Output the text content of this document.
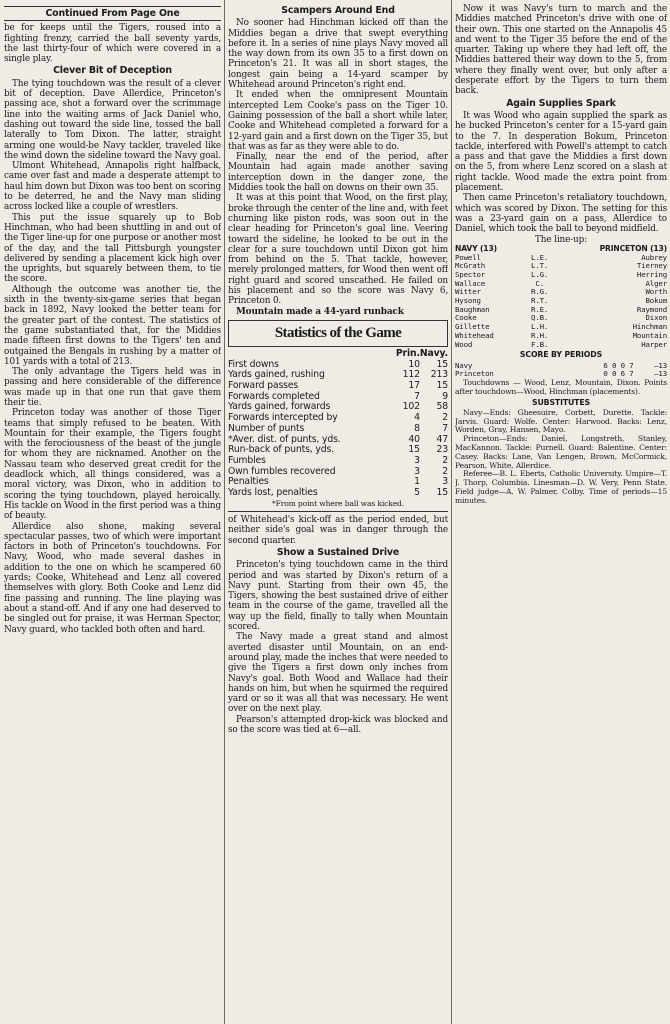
Continued From Page One

be for keeps until the Tigers, roused into a fighting frenzy, carried the ball seventy yards, the last thirty-four of which were covered in a single play.

Clever Bit of Deception

The tying touchdown was the result of a clever bit of deception. Dave Allerdice, Princeton's passing ace, shot a forward over the scrimmage line into the waiting arms of Jack Daniel who, dashing out toward the side line, tossed the ball laterally to Tom Dixon. The latter, straight arming one would-be Navy tackler, traveled like the wind down the sideline toward the Navy goal.

Ulmont Whitehead, Annapolis right halfback, came over fast and made a desperate attempt to haul him down but Dixon was too bent on scoring to be deterred, he and the Navy man sliding across locked like a couple of wrestlers.

This put the issue squarely up to Bob Hinchman, who had been shuttling in and out of the Tiger line-up for one purpose or another most of the day, and the tall Pittsburgh youngster delivered by sending a placement kick high over the uprights, but squarely between them, to tie the score.

Although the outcome was another tie, the sixth in the twenty-six-game series that began back in 1892, Navy looked the better team for the greater part of the contest. The statistics of the game substantiated that, for the Middies made fifteen first downs to the Tigers' ten and outgained the Bengals in rushing by a matter of 101 yards with a total of 213.

The only advantage the Tigers held was in passing and here considerable of the difference was made up in that one run that gave them their tie.

Princeton today was another of those Tiger teams that simply refused to be beaten. With Mountain for their example, the Tigers fought with the ferociousness of the beast of the jungle for whom they are nicknamed. Another on the Nassau team who deserved great credit for the deadlock which, all things considered, was a moral victory, was Dixon, who in addition to scoring the tying touchdown, played heroically. His tackle on Wood in the first period was a thing of beauty.

Allerdice also shone, making several spectacular passes, two of which were important factors in both of Princeton's touchdowns. For Navy, Wood, who made several dashes in addition to the one on which he scampered 60 yards; Cooke, Whitehead and Lenz all covered themselves with glory. Both Cooke and Lenz did fine passing and running. The line playing was about a stand-off. And if any one had deserved to be singled out for praise, it was Herman Spector, Navy guard, who tackled both often and hard.

Scampers Around End

No sooner had Hinchman kicked off than the Middies began a drive that swept everything before it. In a series of nine plays Navy moved all the way down from its own 35 to a first down on Princeton's 21. It was all in short stages, the longest gain being a 14-yard scamper by Whitehead around Princeton's right end.

It ended when the omnipresent Mountain intercepted Lem Cooke's pass on the Tiger 10. Gaining possession of the ball a short while later, Cooke and Whitehead completed a forward for a 12-yard gain and a first down on the Tiger 35, but that was as far as they were able to do.

Finally, near the end of the period, after Mountain had again made another saving interception down in the danger zone, the Middies took the ball on downs on their own 35.

It was at this point that Wood, on the first play, broke through the center of the line and, with feet churning like piston rods, was soon out in the clear heading for Princeton's goal line. Veering toward the sideline, he looked to be out in the clear for a sure touchdown until Dixon got him from behind on the 5. That tackle, however, merely prolonged matters, for Wood then went off right guard and scored unscathed. He failed on his placement and so the score was Navy 6, Princeton 0.

Mountain made a 44-yard runback

Statistics of the Game
	Prin.	Navy.
First downs	10	15
Yards gained, rushing	112	213
Forward passes	17	15
Forwards completed	7	9
Yards gained, forwards	102	58
Forwards intercepted by	4	2
Number of punts	8	7
*Aver. dist. of punts, yds.	40	47
Run-back of punts, yds.	15	23
Fumbles	3	2
Own fumbles recovered	3	2
Penalties	1	3
Yards lost, penalties	5	15
*From point where ball was kicked.

of Whitehead's kick-off as the period ended, but neither side's goal was in danger through the second quarter.

Show a Sustained Drive

Princeton's tying touchdown came in the third period and was started by Dixon's return of a Navy punt. Starting from their own 45, the Tigers, showing the best sustained drive of either team in the course of the game, travelled all the way up the field, finally to tally when Mountain scored.

The Navy made a great stand and almost averted disaster until Mountain, on an end-around play, made the inches that were needed to give the Tigers a first down only inches from Navy's goal. Both Wood and Wallace had their hands on him, but when he squirmed the required yard or so it was all that was necessary. He went over on the next play.

Pearson's attempted drop-kick was blocked and so the score was tied at 6—all.

Now it was Navy's turn to march and the Middies matched Princeton's drive with one of their own. This one started on the Annapolis 45 and went to the Tiger 35 before the end of the quarter. Taking up where they had left off, the Middies battered their way down to the 5, from where they finally went over, but only after a desperate effort by the Tigers to turn them back.

Again Supplies Spark

It was Wood who again supplied the spark as he bucked Princeton's center for a 15-yard gain to the 7. In desperation Bokum, Princeton tackle, interfered with Powell's attempt to catch a pass and that gave the Middies a first down on the 5, from where Lenz scored on a slash at right tackle. Wood made the extra point from placement.

Then came Princeton's retaliatory touchdown, which was scored by Dixon. The setting for this was a 23-yard gain on a pass, Allerdice to Daniel, which took the ball to beyond midfield.

The line-up:
NAVY (13)		PRINCETON (13)
Powell	L.E.	Aubrey
McGrath	L.T.	Tierney
Spector	L.G.	Herring
Wallace	C.	Alger
Witter	R.G.	Worth
Hysong	R.T.	Bokum
Baughman	R.E.	Raymond
Cooke	Q.B.	Dixon
Gillette	L.H.	Hinchman
Whitehead	R.H.	Mountain
Wood	F.B.	Harper
SCORE BY PERIODS
Navy	6 0 0 7	—13
Princeton	0 0 6 7	—13

Touchdowns — Wood, Lenz, Mountain, Dixon. Points after touchdown—Wood, Hinchman (placements).

SUBSTITUTES

Navy—Ends: Gheesuire, Corbett, Durette. Tackle: Jarvis. Guard: Wolfe. Center: Harwood. Backs: Lenz, Worden, Gray, Hansen, Mayo.

Princeton—Ends: Daniel, Longstreth, Stanley, MacKannon. Tackle: Purnell. Guard: Balentine. Center: Casey. Backs: Lane, Van Lengen, Brown, McCormick, Pearson, White, Allerdice.

Referee—B. L. Eberts, Catholic University. Umpire—T. J. Thorp, Columbia. Linesman—D. W. Very, Penn State. Field judge—A. W. Palmer, Colby. Time of periods—15 minutes.
